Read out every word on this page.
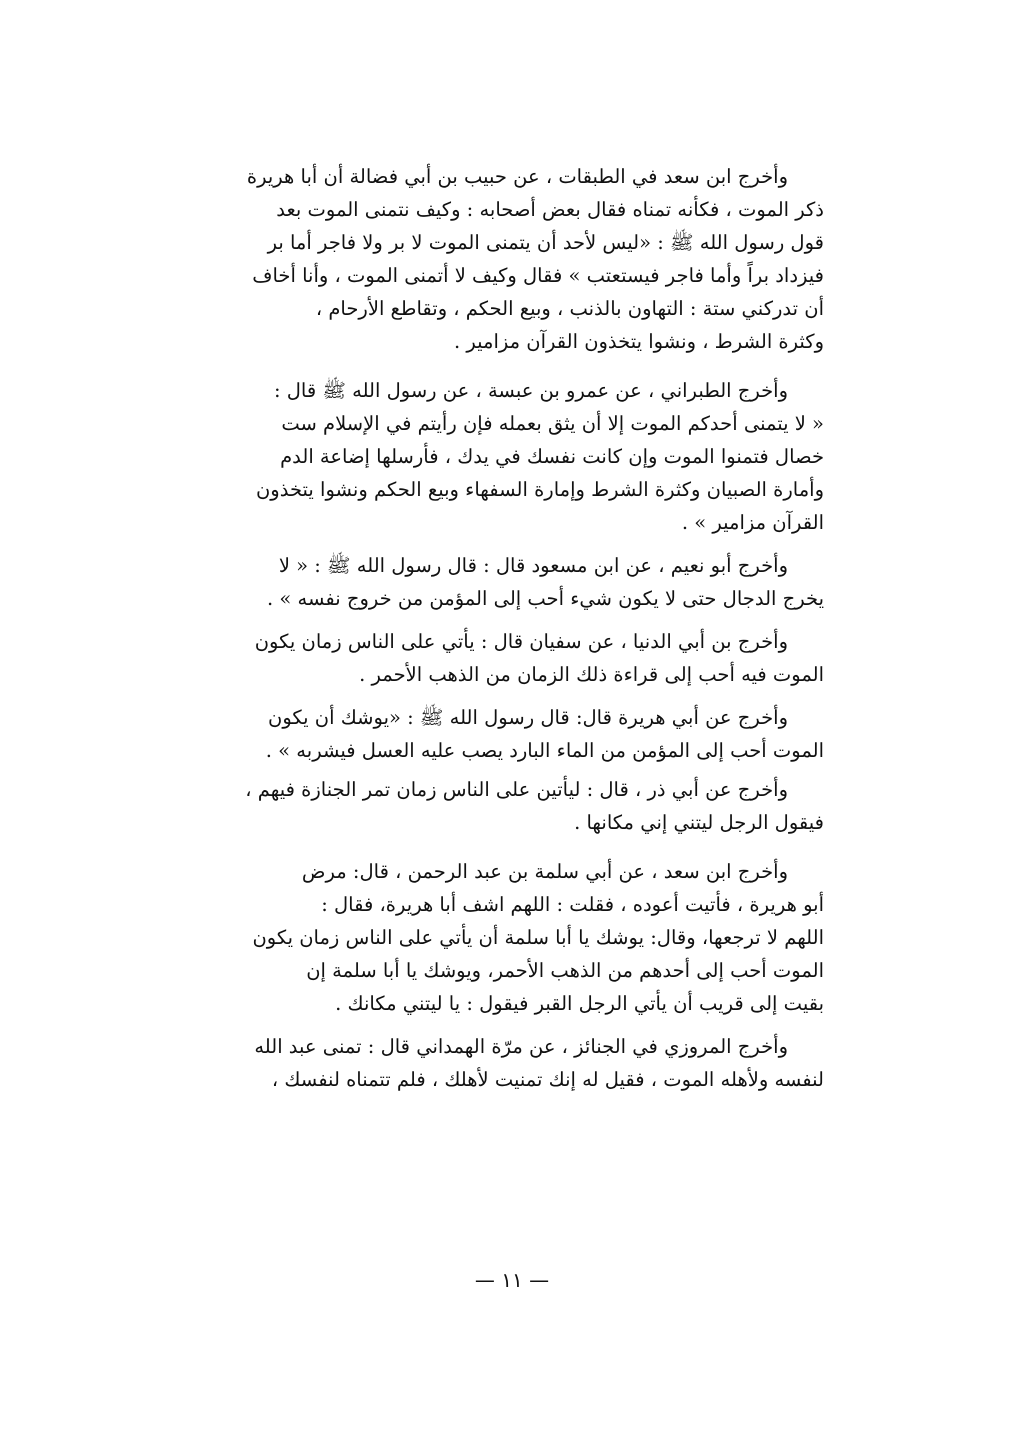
وأخرج ابن سعد في الطبقات ، عن حبيب بن أبي فضالة أن أبا هريرة
ذكر الموت ، فكأنه تمناه فقال بعض أصحابه : وكيف نتمنى الموت بعد
قول رسول الله ﷺ : «ليس لأحد أن يتمنى الموت لا بر ولا فاجر أما بر
فيزداد براً وأما فاجر فيستعتب » فقال وكيف لا أتمنى الموت ، وأنا أخاف
أن تدركني ستة : التهاون بالذنب ، وبيع الحكم ، وتقاطع الأرحام ،
وكثرة الشرط ، ونشوا يتخذون القرآن مزامير .

وأخرج الطبراني ، عن عمرو بن عبسة ، عن رسول الله ﷺ قال :
« لا يتمنى أحدكم الموت إلا أن يثق بعمله فإن رأيتم في الإسلام ست
خصال فتمنوا الموت وإن كانت نفسك في يدك ، فأرسلها إضاعة الدم
وأمارة الصبيان وكثرة الشرط وإمارة السفهاء وبيع الحكم ونشوا يتخذون
القرآن مزامير » .

وأخرج أبو نعيم ، عن ابن مسعود قال : قال رسول الله ﷺ : « لا
يخرج الدجال حتى لا يكون شيء أحب إلى المؤمن من خروج نفسه » .

وأخرج بن أبي الدنيا ، عن سفيان قال : يأتي على الناس زمان يكون
الموت فيه أحب إلى قراءة ذلك الزمان من الذهب الأحمر .

وأخرج عن أبي هريرة قال: قال رسول الله ﷺ : «يوشك أن يكون
الموت أحب إلى المؤمن من الماء البارد يصب عليه العسل فيشربه » .

وأخرج عن أبي ذر ، قال : ليأتين على الناس زمان تمر الجنازة فيهم ،
فيقول الرجل ليتني إني مكانها .

وأخرج ابن سعد ، عن أبي سلمة بن عبد الرحمن ، قال: مرض
أبو هريرة ، فأتيت أعوده ، فقلت : اللهم اشف أبا هريرة، فقال :
اللهم لا ترجعها، وقال: يوشك يا أبا سلمة أن يأتي على الناس زمان يكون
الموت أحب إلى أحدهم من الذهب الأحمر، ويوشك يا أبا سلمة إن
بقيت إلى قريب أن يأتي الرجل القبر فيقول : يا ليتني مكانك .

وأخرج المروزي في الجنائز ، عن مرّة الهمداني قال : تمنى عبد الله
لنفسه ولأهله الموت ، فقيل له إنك تمنيت لأهلك ، فلم تتمناه لنفسك ،

— ١١ —
